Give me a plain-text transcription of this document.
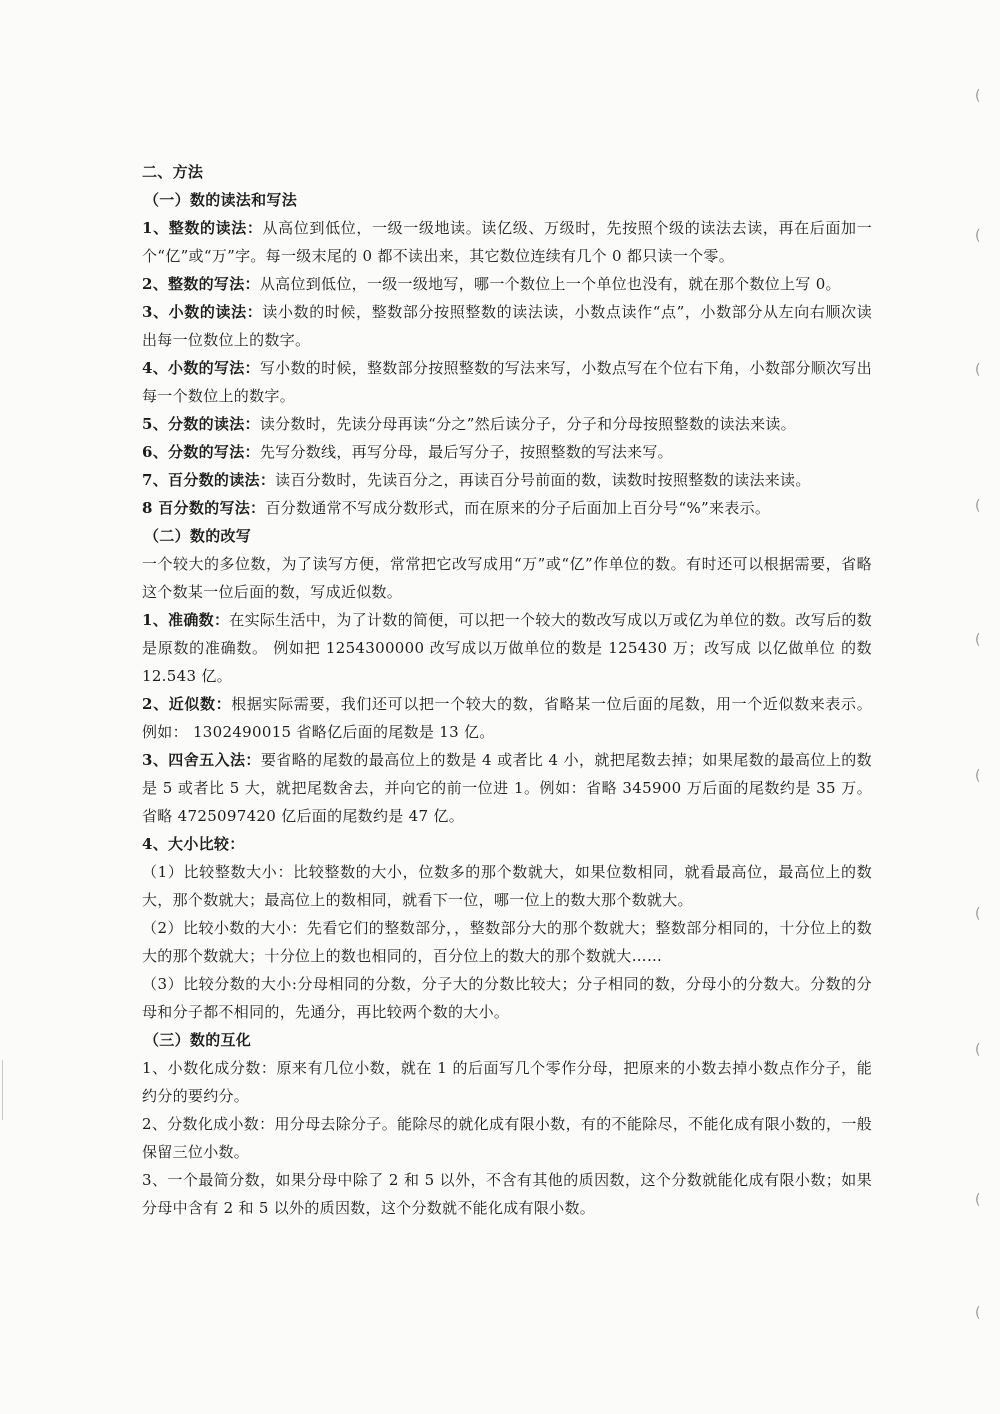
二、方法

（一）数的读法和写法

1、整数的读法：从高位到低位，一级一级地读。读亿级、万级时，先按照个级的读法去读，再在后面加一个“亿”或“万”字。每一级末尾的 0 都不读出来，其它数位连续有几个 0 都只读一个零。

2、整数的写法：从高位到低位，一级一级地写，哪一个数位上一个单位也没有，就在那个数位上写 0。

3、小数的读法：读小数的时候，整数部分按照整数的读法读，小数点读作“点”，小数部分从左向右顺次读出每一位数位上的数字。

4、小数的写法：写小数的时候，整数部分按照整数的写法来写，小数点写在个位右下角，小数部分顺次写出每一个数位上的数字。

5、分数的读法：读分数时，先读分母再读“分之”然后读分子，分子和分母按照整数的读法来读。

6、分数的写法：先写分数线，再写分母，最后写分子，按照整数的写法来写。

7、百分数的读法：读百分数时，先读百分之，再读百分号前面的数，读数时按照整数的读法来读。

8 百分数的写法：百分数通常不写成分数形式，而在原来的分子后面加上百分号“%”来表示。

（二）数的改写

一个较大的多位数，为了读写方便，常常把它改写成用“万”或“亿”作单位的数。有时还可以根据需要，省略这个数某一位后面的数，写成近似数。

1、准确数：在实际生活中，为了计数的简便，可以把一个较大的数改写成以万或亿为单位的数。改写后的数是原数的准确数。 例如把 1254300000 改写成以万做单位的数是 125430 万；改写成 以亿做单位 的数 12.543 亿。

2、近似数：根据实际需要，我们还可以把一个较大的数，省略某一位后面的尾数，用一个近似数来表示。 例如： 1302490015 省略亿后面的尾数是 13 亿。

3、四舍五入法：要省略的尾数的最高位上的数是 4 或者比 4 小，就把尾数去掉；如果尾数的最高位上的数是 5 或者比 5 大，就把尾数舍去，并向它的前一位进 1。例如：省略 345900 万后面的尾数约是 35 万。省略 4725097420 亿后面的尾数约是 47 亿。

4、大小比较：

（1）比较整数大小：比较整数的大小，位数多的那个数就大，如果位数相同，就看最高位，最高位上的数大，那个数就大；最高位上的数相同，就看下一位，哪一位上的数大那个数就大。

（2）比较小数的大小：先看它们的整数部分，，整数部分大的那个数就大；整数部分相同的，十分位上的数大的那个数就大；十分位上的数也相同的，百分位上的数大的那个数就大……

（3）比较分数的大小:分母相同的分数，分子大的分数比较大；分子相同的数，分母小的分数大。分数的分母和分子都不相同的，先通分，再比较两个数的大小。

（三）数的互化

1、小数化成分数：原来有几位小数，就在 1 的后面写几个零作分母，把原来的小数去掉小数点作分子，能约分的要约分。

2、分数化成小数：用分母去除分子。能除尽的就化成有限小数，有的不能除尽，不能化成有限小数的，一般保留三位小数。

3、一个最简分数，如果分母中除了 2 和 5 以外，不含有其他的质因数，这个分数就能化成有限小数；如果分母中含有 2 和 5 以外的质因数，这个分数就不能化成有限小数。

(
(
(
(
(
(
(
(
(
(
